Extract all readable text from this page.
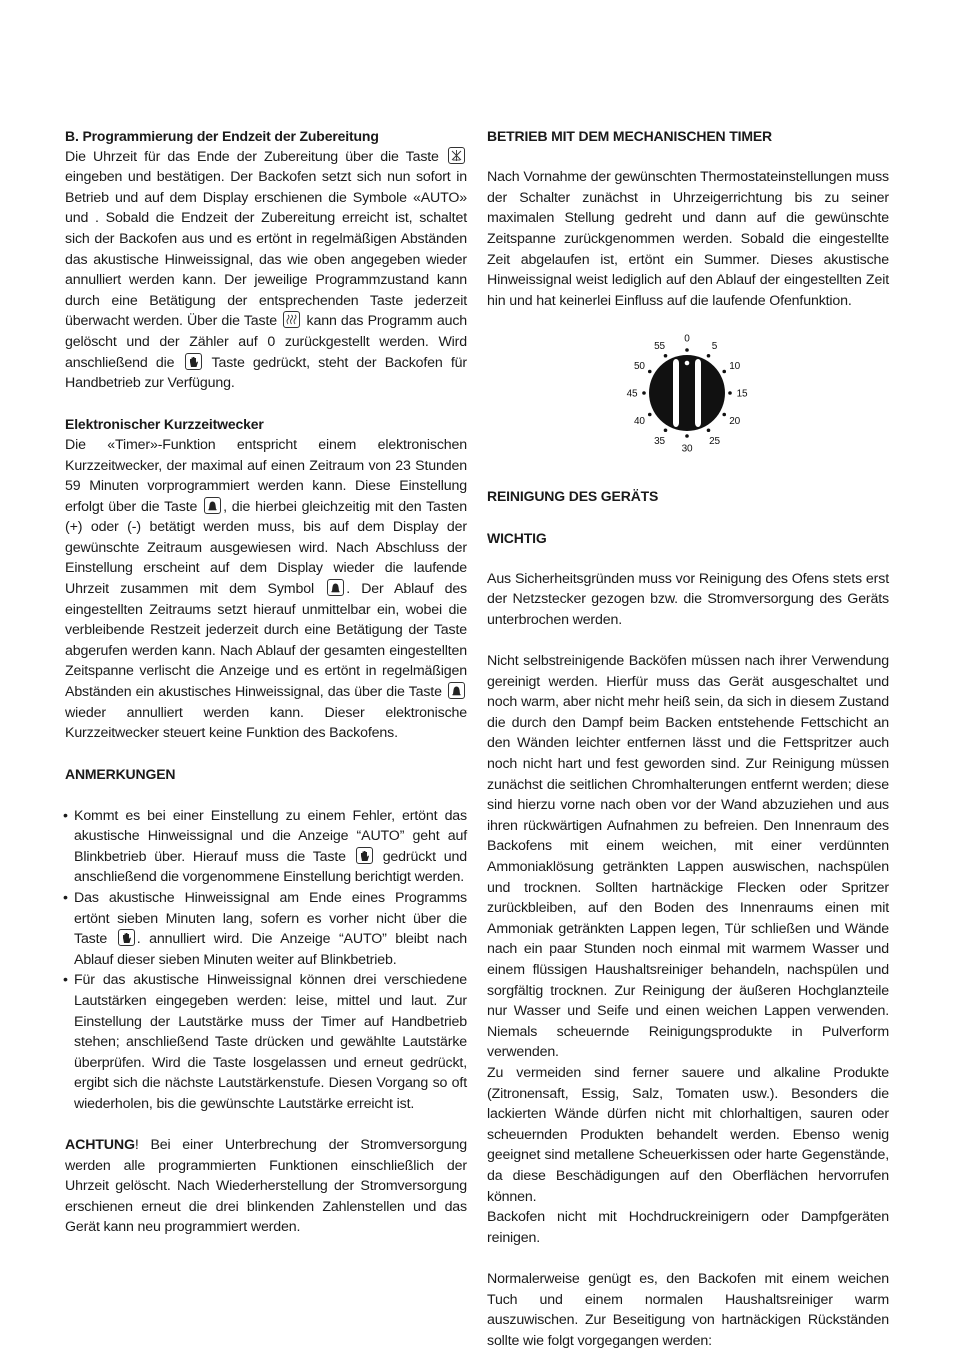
B. Programmierung der Endzeit der Zubereitung

Die Uhrzeit für das Ende der Zubereitung über die Taste
eingeben und bestätigen. Der Backofen setzt sich nun sofort in Betrieb und auf dem Display erschienen die Symbole «AUTO» und . Sobald die Endzeit der Zubereitung erreicht ist, schaltet sich der Backofen aus und es ertönt in regelmäßigen Abständen das akustische Hinweissignal, das wie oben angegeben wieder annulliert werden kann. Der jeweilige Programmzustand kann durch eine Betätigung der entsprechenden Taste jederzeit überwacht werden. Über die Taste kann das Programm auch gelöscht und der Zähler auf 0 zurückgestellt werden. Wird anschließend die	Taste gedrückt, steht der Backofen für Handbetrieb zur Verfügung.

Elektronischer Kurzzeitwecker

Die «Timer»-Funktion entspricht einem elektronischen Kurzzeitwecker, der maximal auf einen Zeitraum von 23 Stunden 59 Minuten vorprogrammiert werden kann. Diese Einstellung erfolgt über die Taste , die hierbei gleichzeitig mit den Tasten (+) oder (-) betätigt werden muss, bis auf dem Display der gewünschte Zeitraum ausgewiesen wird. Nach Abschluss der Einstellung erscheint auf dem Display wieder die laufende Uhrzeit zusammen mit dem Symbol . Der Ablauf des eingestellten Zeitraums setzt hierauf unmittelbar ein, wobei die verbleibende Restzeit jederzeit durch eine Betätigung der Taste abgerufen werden kann. Nach Ablauf der gesamten eingestellten Zeitspanne verlischt die Anzeige und es ertönt in regelmäßigen Abständen ein akustisches Hinweissignal, das über die Taste
wieder annulliert werden kann. Dieser elektronische Kurzzeitwecker steuert keine Funktion des Backofens.

ANMERKUNGEN

• Kommt es bei einer Einstellung zu einem Fehler, ertönt das akustische Hinweissignal und die Anzeige “AUTO” geht auf Blinkbetrieb über. Hierauf muss die Taste	gedrückt und anschließend die vorgenommene Einstellung berichtigt werden.
• Das akustische Hinweissignal am Ende eines Programms ertönt sieben Minuten lang, sofern es vorher nicht über die Taste . annulliert wird. Die Anzeige “AUTO” bleibt nach Ablauf dieser sieben Minuten weiter auf Blinkbetrieb.
• Für das akustische Hinweissignal können drei verschiedene Lautstärken eingegeben werden: leise, mittel und laut. Zur Einstellung der Lautstärke muss der Timer auf Handbetrieb stehen; anschließend Taste drücken und gewählte Lautstärke überprüfen. Wird die Taste losgelassen und erneut gedrückt, ergibt sich die nächste Lautstärkenstufe. Diesen Vorgang so oft wiederholen, bis die gewünschte Lautstärke erreicht ist.

ACHTUNG! Bei einer Unterbrechung der Stromversorgung werden alle programmierten Funktionen einschließlich der Uhrzeit gelöscht. Nach Wiederherstellung der Stromversorgung erschienen erneut die drei blinkenden Zahlenstellen und das Gerät kann neu programmiert werden.

BETRIEB MIT DEM MECHANISCHEN TIMER

Nach Vornahme der gewünschten Thermostateinstellungen muss der Schalter zunächst in Uhrzeigerrichtung bis zu seiner maximalen Stellung gedreht und dann auf die gewünschte Zeitspanne zurückgenommen werden. Sobald die eingestellte Zeit abgelaufen ist, ertönt ein Summer. Dieses akustische Hinweissignal weist lediglich auf den Ablauf der eingestellten Zeit hin und hat keinerlei Einfluss auf die laufende Ofenfunktion.

0
5
10
15
20
25
30
35
40
45
50
55

REINIGUNG DES GERÄTS

WICHTIG

Aus Sicherheitsgründen muss vor Reinigung des Ofens stets erst der Netzstecker gezogen bzw. die Stromversorgung des Geräts unterbrochen werden.

Nicht selbstreinigende Backöfen müssen nach ihrer Verwendung gereinigt werden. Hierfür muss das Gerät ausgeschaltet und noch warm, aber nicht mehr heiß sein, da sich in diesem Zustand die durch den Dampf beim Backen entstehende Fettschicht an den Wänden leichter entfernen lässt und die Fettspritzer auch noch nicht hart und fest geworden sind. Zur Reinigung müssen zunächst die seitlichen Chromhalterungen entfernt werden; diese sind hierzu vorne nach oben vor der Wand abzuziehen und aus ihren rückwärtigen Aufnahmen zu befreien. Den Innenraum des Backofens mit einem weichen, mit einer verdünnten Ammoniaklösung getränkten Lappen auswischen, nachspülen und trocknen. Sollten hartnäckige Flecken oder Spritzer zurückbleiben, auf den Boden des Innenraums einen mit Ammoniak getränkten Lappen legen, Tür schließen und Wände nach ein paar Stunden noch einmal mit warmem Wasser und einem flüssigen Haushaltsreiniger behandeln, nachspülen und sorgfältig trocknen. Zur Reinigung der äußeren Hochglanzteile nur Wasser und Seife und einen weichen Lappen verwenden. Niemals scheuernde Reinigungsprodukte in Pulverform verwenden.

Zu vermeiden sind ferner sauere und alkaline Produkte (Zitronensaft, Essig, Salz, Tomaten usw.). Besonders die lackierten Wände dürfen nicht mit chlorhaltigen, sauren oder scheuernden Produkten behandelt werden. Ebenso wenig geeignet sind metallene Scheuerkissen oder harte Gegenstände, da diese Beschädigungen auf den Oberflächen hervorrufen können.

Backofen nicht mit Hochdruckreinigern oder Dampfgeräten reinigen.

Normalerweise genügt es, den Backofen mit einem weichen Tuch und einem normalen Haushaltsreiniger warm auszuwischen. Zur Beseitigung von hartnäckigen Rückständen sollte wie folgt vorgegangen werden:
